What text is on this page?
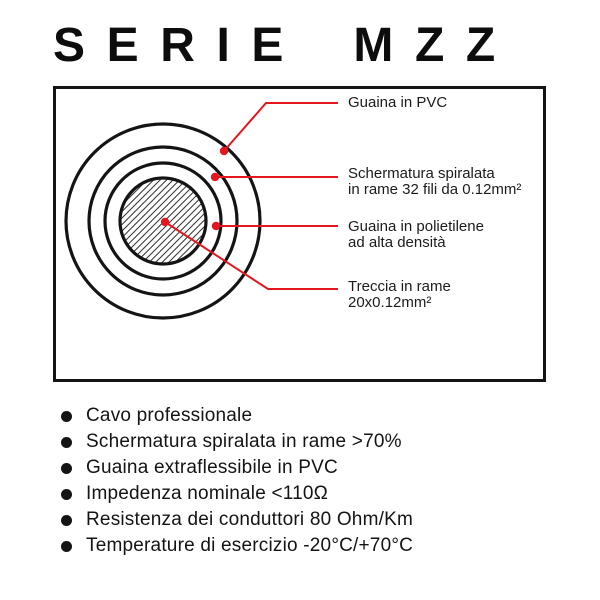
SERIE MZZ
Guaina in PVC
Schermatura spiralata
in rame 32 fili da 0.12mm²
Guaina in polietilene
ad alta densità
Treccia in rame
20x0.12mm²
Cavo professionale
Schermatura spiralata in rame >70%
Guaina extraflessibile in PVC
Impedenza nominale <110Ω
Resistenza dei conduttori 80 Ohm/Km
Temperature di esercizio -20°C/+70°C
